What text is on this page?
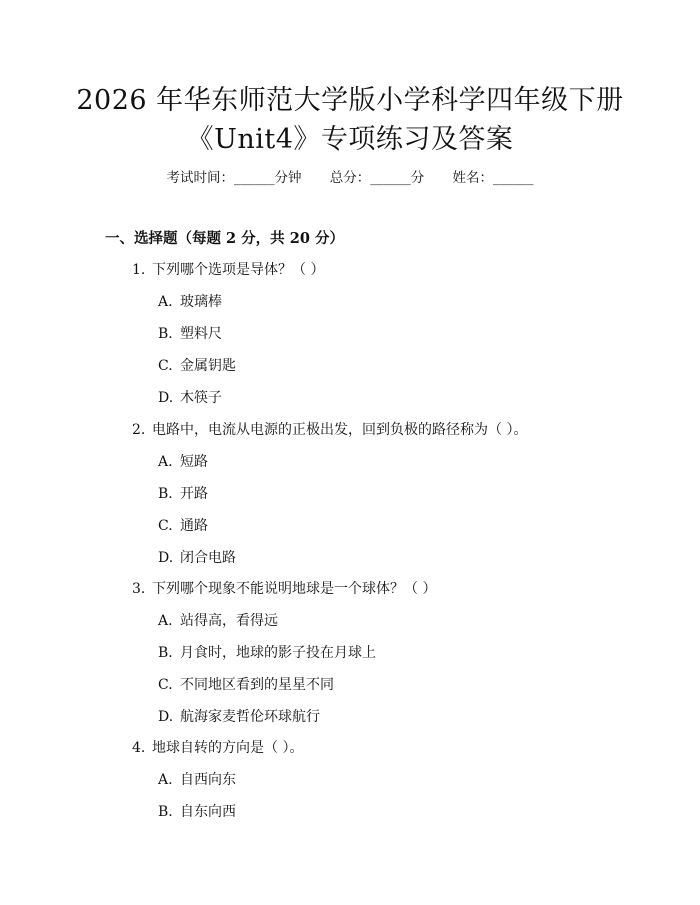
2026 年华东师范大学版小学科学四年级下册
《Unit4》专项练习及答案
考试时间：______分钟 总分：______分 姓名：______
一、选择题（每题 2 分，共 20 分）
1. 下列哪个选项是导体？（ ）
A. 玻璃棒
B. 塑料尺
C. 金属钥匙
D. 木筷子
2. 电路中，电流从电源的正极出发，回到负极的路径称为（ ）。
A. 短路
B. 开路
C. 通路
D. 闭合电路
3. 下列哪个现象不能说明地球是一个球体？（ ）
A. 站得高，看得远
B. 月食时，地球的影子投在月球上
C. 不同地区看到的星星不同
D. 航海家麦哲伦环球航行
4. 地球自转的方向是（ ）。
A. 自西向东
B. 自东向西
